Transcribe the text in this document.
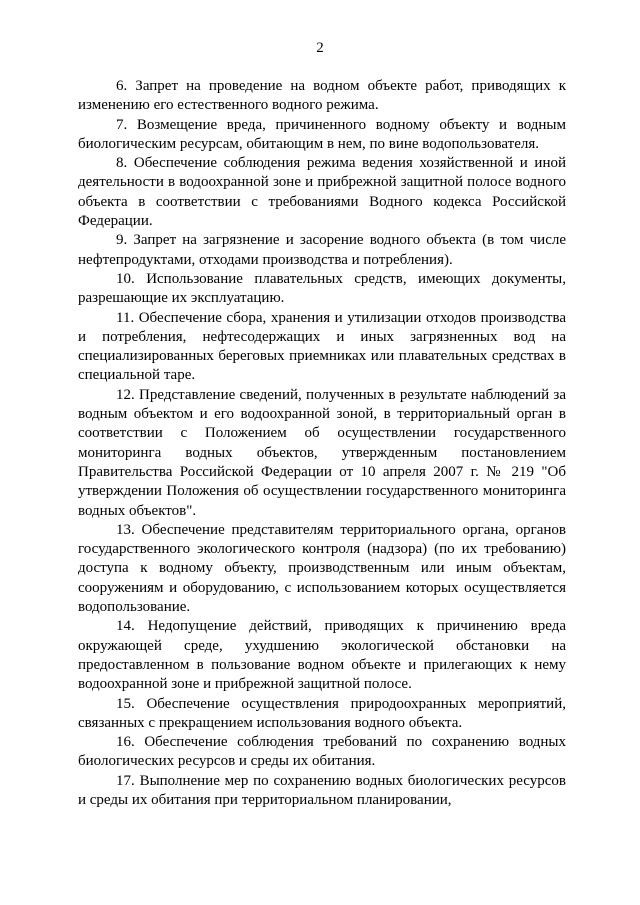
2

6. Запрет на проведение на водном объекте работ, приводящих к изменению его естественного водного режима.

7. Возмещение вреда, причиненного водному объекту и водным биологическим ресурсам, обитающим в нем, по вине водопользователя.

8. Обеспечение соблюдения режима ведения хозяйственной и иной деятельности в водоохранной зоне и прибрежной защитной полосе водного объекта в соответствии с требованиями Водного кодекса Российской Федерации.

9. Запрет на загрязнение и засорение водного объекта (в том числе нефтепродуктами, отходами производства и потребления).

10. Использование плавательных средств, имеющих документы, разрешающие их эксплуатацию.

11. Обеспечение сбора, хранения и утилизации отходов производства и потребления, нефтесодержащих и иных загрязненных вод на специализированных береговых приемниках или плавательных средствах в специальной таре.

12. Представление сведений, полученных в результате наблюдений за водным объектом и его водоохранной зоной, в территориальный орган в соответствии с Положением об осуществлении государственного мониторинга водных объектов, утвержденным постановлением Правительства Российской Федерации от 10 апреля 2007 г. № 219 "Об утверждении Положения об осуществлении государственного мониторинга водных объектов".

13. Обеспечение представителям территориального органа, органов государственного экологического контроля (надзора) (по их требованию) доступа к водному объекту, производственным или иным объектам, сооружениям и оборудованию, с использованием которых осуществляется водопользование.

14. Недопущение действий, приводящих к причинению вреда окружающей среде, ухудшению экологической обстановки на предоставленном в пользование водном объекте и прилегающих к нему водоохранной зоне и прибрежной защитной полосе.

15. Обеспечение осуществления природоохранных мероприятий, связанных с прекращением использования водного объекта.

16. Обеспечение соблюдения требований по сохранению водных биологических ресурсов и среды их обитания.

17. Выполнение мер по сохранению водных биологических ресурсов и среды их обитания при территориальном планировании,
